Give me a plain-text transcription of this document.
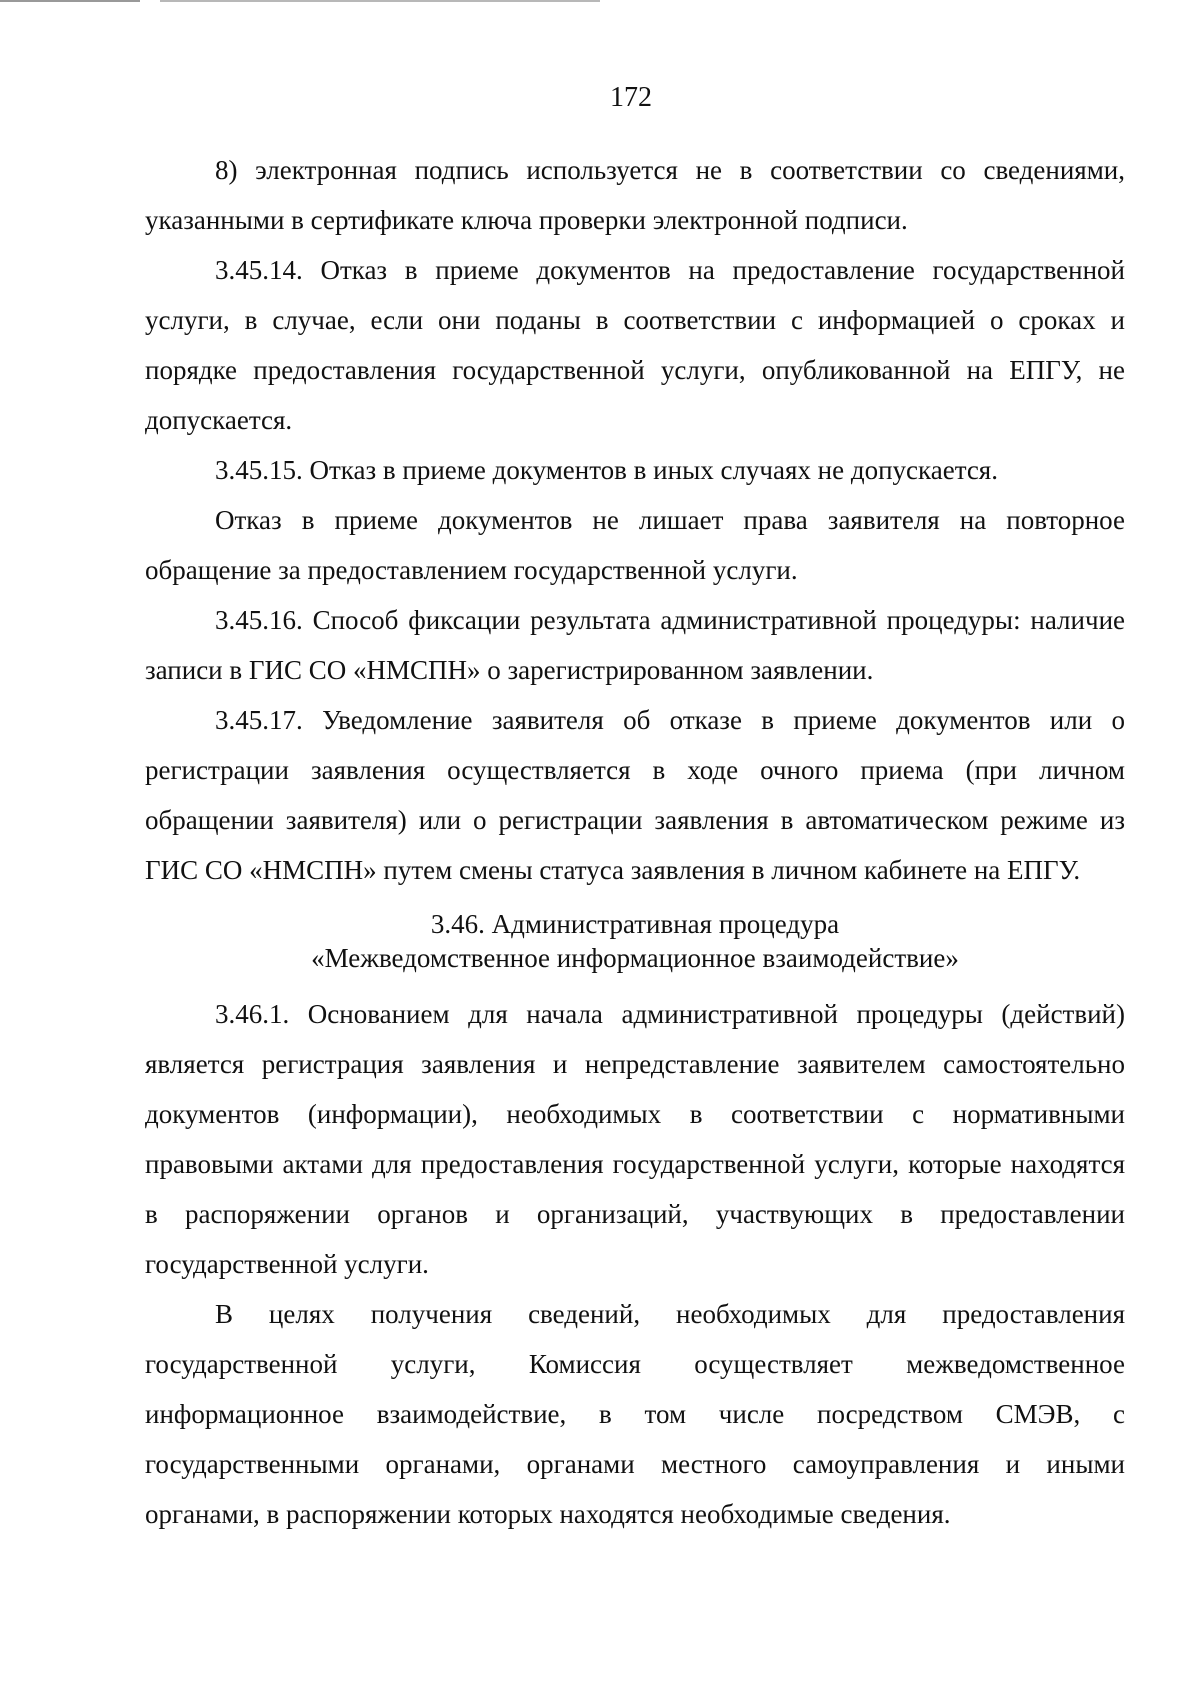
172

8) электронная подпись используется не в соответствии со сведениями, указанными в сертификате ключа проверки электронной подписи.

3.45.14. Отказ в приеме документов на предоставление государственной услуги, в случае, если они поданы в соответствии с информацией о сроках и порядке предоставления государственной услуги, опубликованной на ЕПГУ, не допускается.

3.45.15. Отказ в приеме документов в иных случаях не допускается.

Отказ в приеме документов не лишает права заявителя на повторное обращение за предоставлением государственной услуги.

3.45.16. Способ фиксации результата административной процедуры: наличие записи в ГИС СО «НМСПН» о зарегистрированном заявлении.

3.45.17. Уведомление заявителя об отказе в приеме документов или о регистрации заявления осуществляется в ходе очного приема (при личном обращении заявителя) или о регистрации заявления в автоматическом режиме из ГИС СО «НМСПН» путем смены статуса заявления в личном кабинете на ЕПГУ.

3.46. Административная процедура
«Межведомственное информационное взаимодействие»

3.46.1. Основанием для начала административной процедуры (действий) является регистрация заявления и непредставление заявителем самостоятельно документов (информации), необходимых в соответствии с нормативными правовыми актами для предоставления государственной услуги, которые находятся в распоряжении органов и организаций, участвующих в предоставлении государственной услуги.

В целях получения сведений, необходимых для предоставления государственной услуги, Комиссия осуществляет межведомственное информационное взаимодействие, в том числе посредством СМЭВ, с государственными органами, органами местного самоуправления и иными органами, в распоряжении которых находятся необходимые сведения.
